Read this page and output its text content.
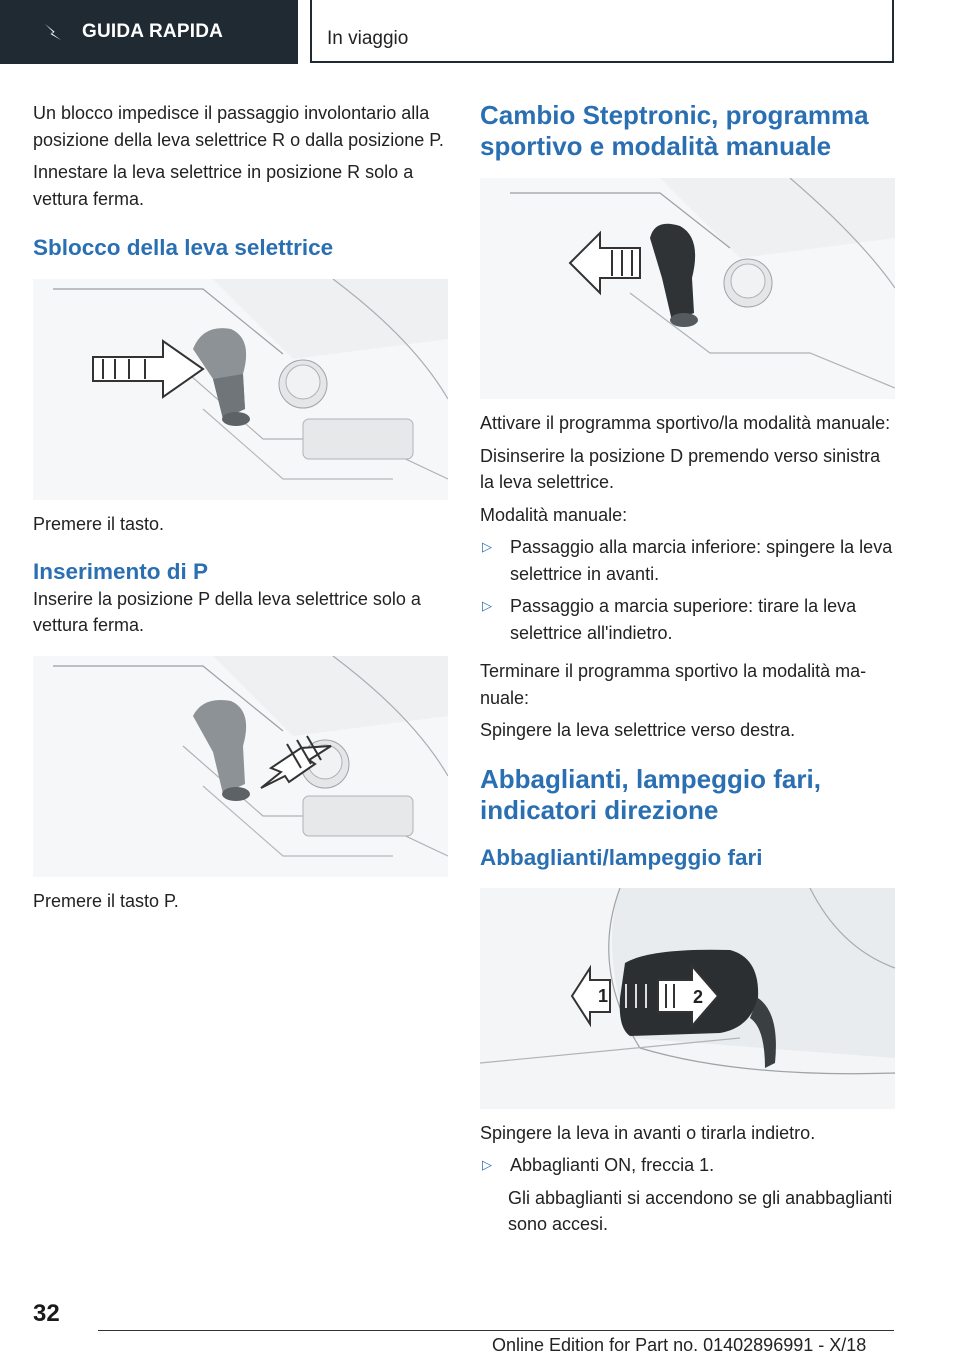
GUIDA RAPIDA	In viaggio

Un blocco impedisce il passaggio involontario alla posizione della leva selettrice R o dalla posizione P.

Innestare la leva selettrice in posizione R solo a vettura ferma.

Sblocco della leva selettrice

Premere il tasto.

Inserimento di P

Inserire la posizione P della leva selettrice solo a vettura ferma.

Premere il tasto P.

Cambio Steptronic, programma sportivo e modalità manuale

Attivare il programma sportivo/la modalità manuale:

Disinserire la posizione D premendo verso sinistra la leva selettrice.

Modalità manuale:

▷	Passaggio alla marcia inferiore: spingere la leva selettrice in avanti.
▷	Passaggio a marcia superiore: tirare la leva selettrice all'indietro.

Terminare il programma sportivo la modalità manuale:

Spingere la leva selettrice verso destra.

Abbaglianti, lampeggio fari, indicatori direzione
Abbaglianti/lampeggio fari
1	2

Spingere la leva in avanti o tirarla indietro.

▷	Abbaglianti ON, freccia 1.

Gli abbaglianti si accendono se gli anabbaglianti sono accesi.

32
Online Edition for Part no. 01402896991 - X/18
